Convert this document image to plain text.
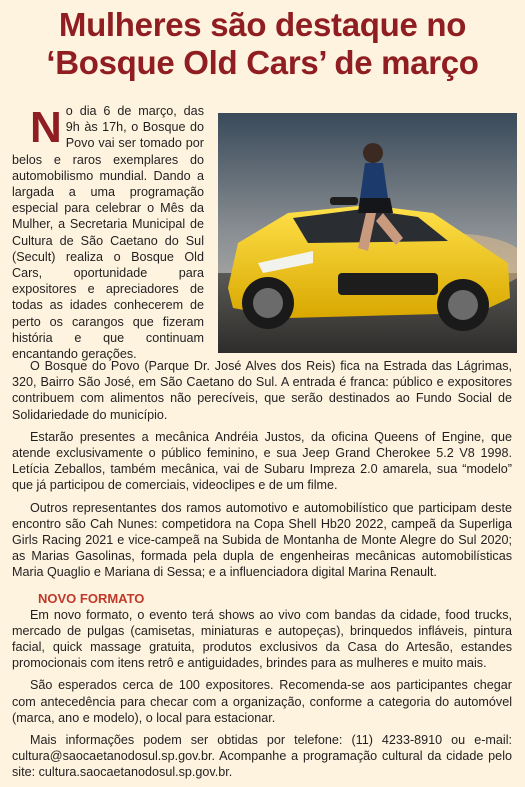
Mulheres são destaque no
‘Bosque Old Cars’ de março

No dia 6 de março, das 9h às 17h, o Bosque do Povo vai ser tomado por belos e raros exemplares do automobilismo mundial. Dando a largada a uma programação especial para celebrar o Mês da Mulher, a Secretaria Municipal de Cultura de São Caetano do Sul (Secult) realiza o Bosque Old Cars, oportunidade para expositores e apreciadores de todas as idades conhecerem de perto os carangos que fizeram história e que continuam encantando gerações.

O Bosque do Povo (Parque Dr. José Alves dos Reis) fica na Estrada das Lágrimas, 320, Bairro São José, em São Caetano do Sul. A entrada é franca: público e expositores contribuem com alimentos não perecíveis, que serão destinados ao Fundo Social de Solidariedade do município.

Estarão presentes a mecânica Andréia Justos, da oficina Queens of Engine, que atende exclusivamente o público feminino, e sua Jeep Grand Cherokee 5.2 V8 1998. Letícia Zeballos, também mecânica, vai de Subaru Impreza 2.0 amarela, sua “modelo” que já participou de comerciais, videoclipes e de um filme.

Outros representantes dos ramos automotivo e automobilístico que participam deste encontro são Cah Nunes: competidora na Copa Shell Hb20 2022, campeã da Superliga Girls Racing 2021 e vice-campeã na Subida de Montanha de Monte Alegre do Sul 2020; as Marias Gasolinas, formada pela dupla de engenheiras mecânicas automobilísticas Maria Quaglio e Mariana di Sessa; e a influenciadora digital Marina Renault.

NOVO FORMATO

Em novo formato, o evento terá shows ao vivo com bandas da cidade, food trucks, mercado de pulgas (camisetas, miniaturas e autopeças), brinquedos infláveis, pintura facial, quick massage gratuita, produtos exclusivos da Casa do Artesão, estandes promocionais com itens retrô e antiguidades, brindes para as mulheres e muito mais.

São esperados cerca de 100 expositores. Recomenda-se aos participantes chegar com antecedência para checar com a organização, conforme a categoria do automóvel (marca, ano e modelo), o local para estacionar.

Mais informações podem ser obtidas por telefone: (11) 4233-8910 ou e-mail: cultura@saocaetanodosul.sp.gov.br. Acompanhe a programação cultural da cidade pelo site: cultura.saocaetanodosul.sp.gov.br.
